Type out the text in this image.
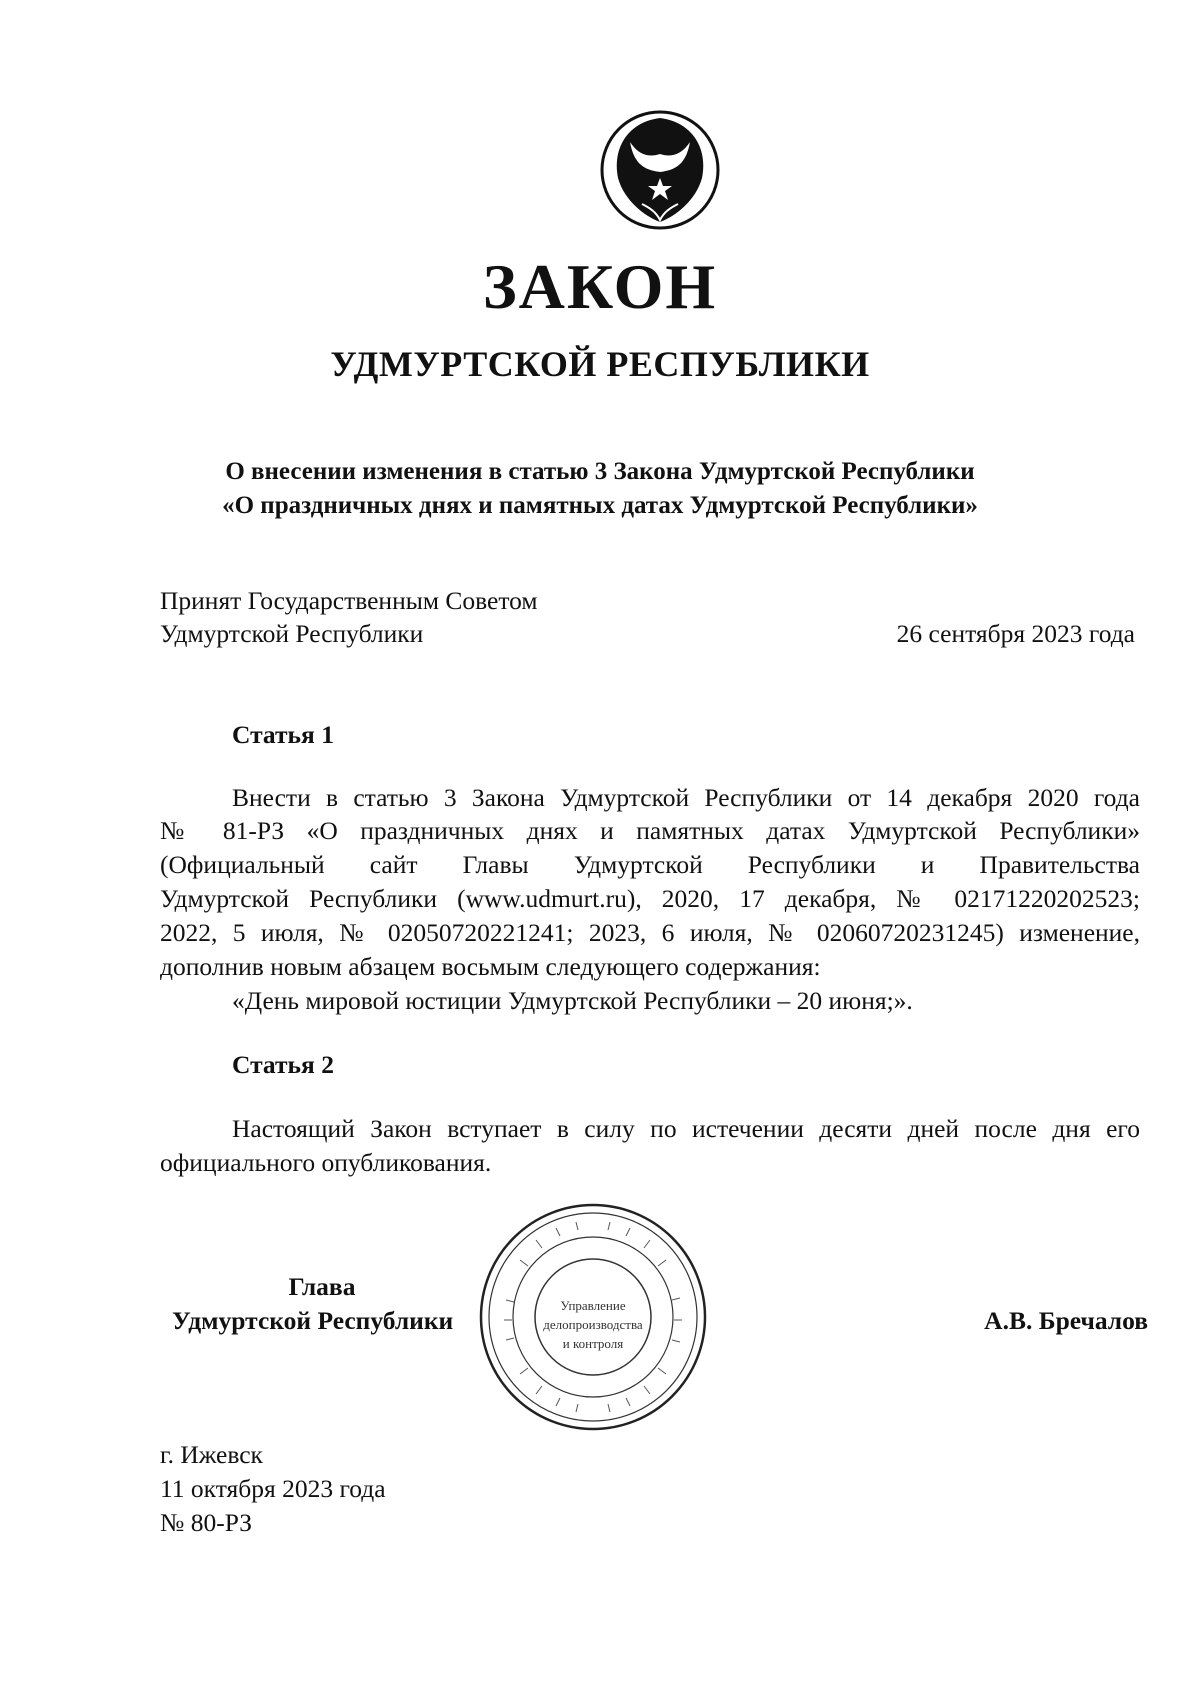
ЗАКОН
УДМУРТСКОЙ РЕСПУБЛИКИ
О внесении изменения в статью 3 Закона Удмуртской Республики
«О праздничных днях и памятных датах Удмуртской Республики»
Принят Государственным Советом
Удмуртской Республики	26 сентября 2023 года
Статья 1
Внести в статью 3 Закона Удмуртской Республики от 14 декабря 2020 года
№ 81-РЗ «О праздничных днях и памятных датах Удмуртской Республики»
(Официальный сайт Главы Удмуртской Республики и Правительства
Удмуртской Республики (www.udmurt.ru), 2020, 17 декабря, № 02171220202523;
2022, 5 июля, № 02050720221241; 2023, 6 июля, № 02060720231245) изменение,
дополнив новым абзацем восьмым следующего содержания:
«День мировой юстиции Удмуртской Республики – 20 июня;».
Статья 2
Настоящий Закон вступает в силу по истечении десяти дней после дня его
официального опубликования.
Управление
делопроизводства
и контроля
Глава
Удмуртской Республики	А.В. Бречалов
г. Ижевск
11 октября 2023 года
№ 80-РЗ
